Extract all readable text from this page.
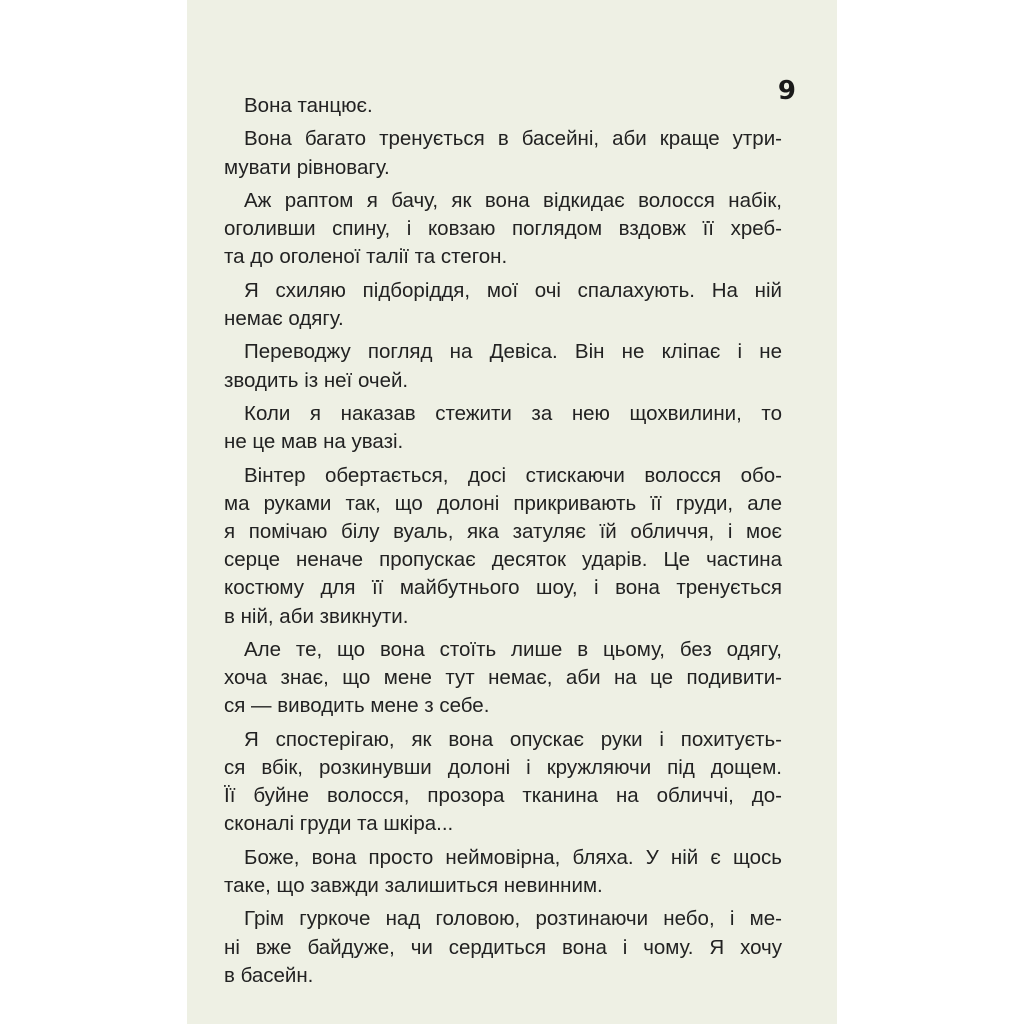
9

Вона танцює.

Вона багато тренується в басейні, аби краще утри-
мувати рівновагу.

Аж раптом я бачу, як вона відкидає волосся набік,
оголивши спину, і ковзаю поглядом вздовж її хреб-
та до оголеної талії та стегон.

Я схиляю підборіддя, мої очі спалахують. На ній
немає одягу.

Переводжу погляд на Девіса. Він не кліпає і не
зводить із неї очей.

Коли я наказав стежити за нею щохвилини, то
не це мав на увазі.

Вінтер обертається, досі стискаючи волосся обо-
ма руками так, що долоні прикривають її груди, але
я помічаю білу вуаль, яка затуляє їй обличчя, і моє
серце неначе пропускає десяток ударів. Це частина
костюму для її майбутнього шоу, і вона тренується
в ній, аби звикнути.

Але те, що вона стоїть лише в цьому, без одягу,
хоча знає, що мене тут немає, аби на це подивити-
ся — виводить мене з себе.

Я спостерігаю, як вона опускає руки і похитуєть-
ся вбік, розкинувши долоні і кружляючи під дощем.
Її буйне волосся, прозора тканина на обличчі, до-
сконалі груди та шкіра...

Боже, вона просто неймовірна, бляха. У ній є щось
таке, що завжди залишиться невинним.

Грім гуркоче над головою, розтинаючи небо, і ме-
ні вже байдуже, чи сердиться вона і чому. Я хочу
в басейн.
